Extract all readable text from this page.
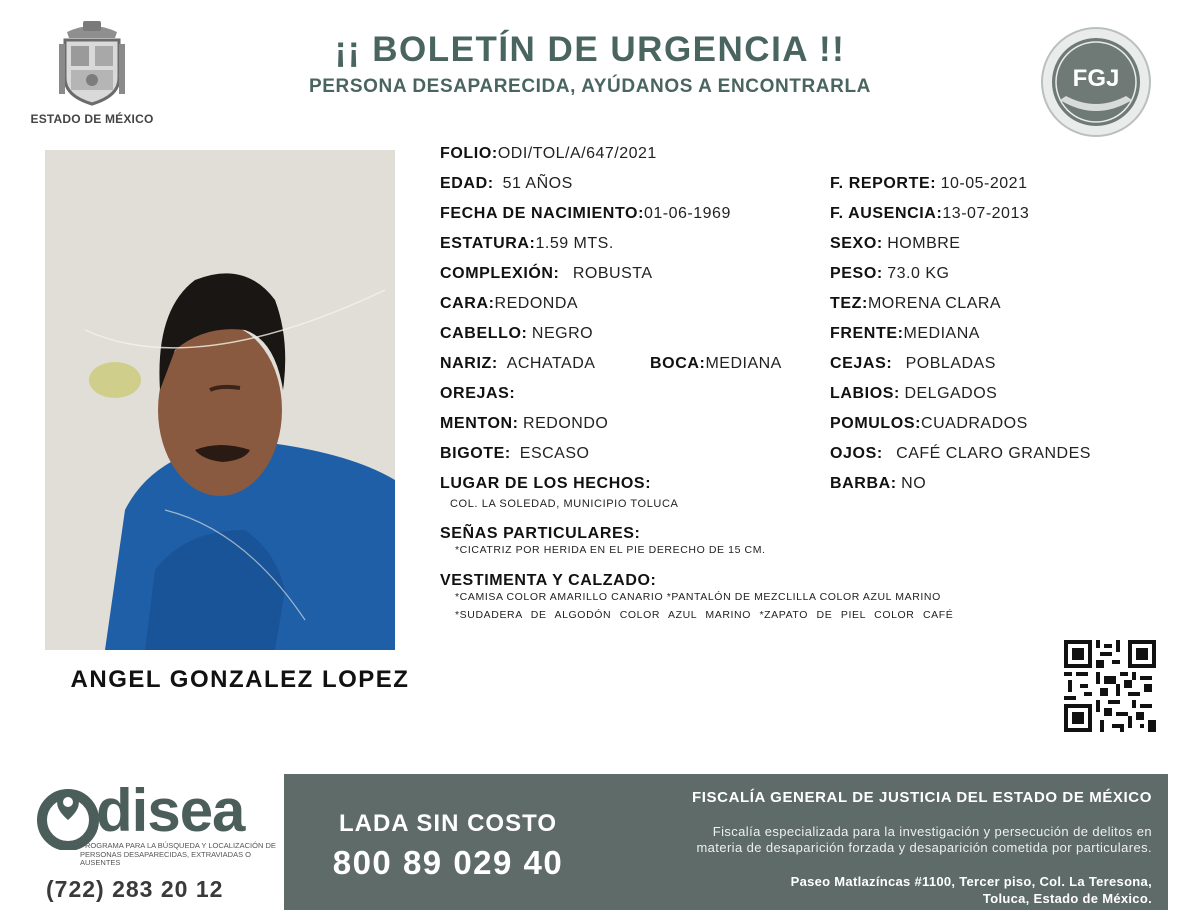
ESTADO DE MÉXICO
¡¡ BOLETÍN DE URGENCIA !!
PERSONA DESAPARECIDA, AYÚDANOS A ENCONTRARLA	FGJ
ANGEL GONZALEZ LOPEZ
FOLIO:ODI/TOL/A/647/2021
EDAD: 51 AÑOS
FECHA DE NACIMIENTO:01-06-1969
ESTATURA:1.59 MTS.
COMPLEXIÓN: ROBUSTA
CARA:REDONDA
CABELLO: NEGRO
NARIZ: ACHATADA	BOCA:MEDIANA
OREJAS:
MENTON: REDONDO
BIGOTE: ESCASO
LUGAR DE LOS HECHOS:
COL. LA SOLEDAD, MUNICIPIO TOLUCA
SEÑAS PARTICULARES:
*CICATRIZ POR HERIDA EN EL PIE DERECHO DE 15 CM.
VESTIMENTA Y CALZADO:
*CAMISA COLOR AMARILLO CANARIO *PANTALÓN DE MEZCLILLA COLOR AZUL MARINO
*SUDADERA DE ALGODÓN COLOR AZUL MARINO *ZAPATO DE PIEL COLOR CAFÉ
F. REPORTE: 10-05-2021
F. AUSENCIA:13-07-2013
SEXO: HOMBRE
PESO: 73.0 KG
TEZ:MORENA CLARA
FRENTE:MEDIANA
CEJAS: POBLADAS
LABIOS: DELGADOS
POMULOS:CUADRADOS
OJOS: CAFÉ CLARO GRANDES
BARBA: NO
disea
PROGRAMA PARA LA BÚSQUEDA Y LOCALIZACIÓN DE PERSONAS DESAPARECIDAS, EXTRAVIADAS O AUSENTES
(722) 283 20 12
LADA SIN COSTO
800 89 029 40
FISCALÍA GENERAL DE JUSTICIA DEL ESTADO DE MÉXICO
Fiscalía especializada para la investigación y persecución de delitos en
materia de desaparición forzada y desaparición cometida por particulares.
Paseo Matlazíncas #1100, Tercer piso, Col. La Teresona,
Toluca, Estado de México.
